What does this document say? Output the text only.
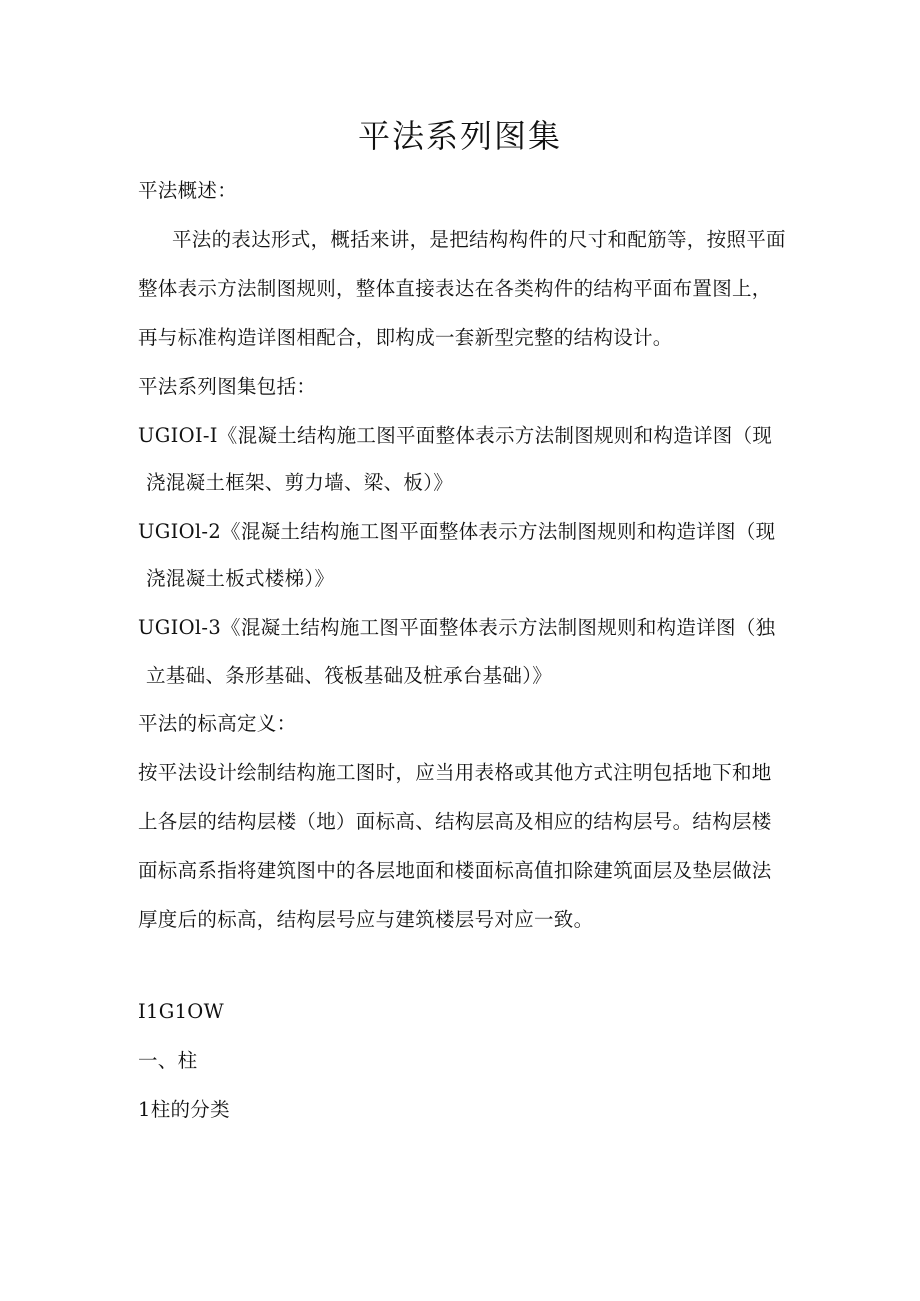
平法系列图集
平法概述：
平法的表达形式，概括来讲，是把结构构件的尺寸和配筋等，按照平面
整体表示方法制图规则，整体直接表达在各类构件的结构平面布置图上，
再与标准构造详图相配合，即构成一套新型完整的结构设计。
平法系列图集包括：
UGIOI-I《混凝土结构施工图平面整体表示方法制图规则和构造详图（现
浇混凝土框架、剪力墙、梁、板）》
UGIOl-2《混凝土结构施工图平面整体表示方法制图规则和构造详图（现
浇混凝土板式楼梯）》
UGIOl-3《混凝土结构施工图平面整体表示方法制图规则和构造详图（独
立基础、条形基础、筏板基础及桩承台基础）》
平法的标高定义：
按平法设计绘制结构施工图时，应当用表格或其他方式注明包括地下和地
上各层的结构层楼（地）面标高、结构层高及相应的结构层号。结构层楼
面标高系指将建筑图中的各层地面和楼面标高值扣除建筑面层及垫层做法
厚度后的标高，结构层号应与建筑楼层号对应一致。
I1G1OW
一、柱
1柱的分类
